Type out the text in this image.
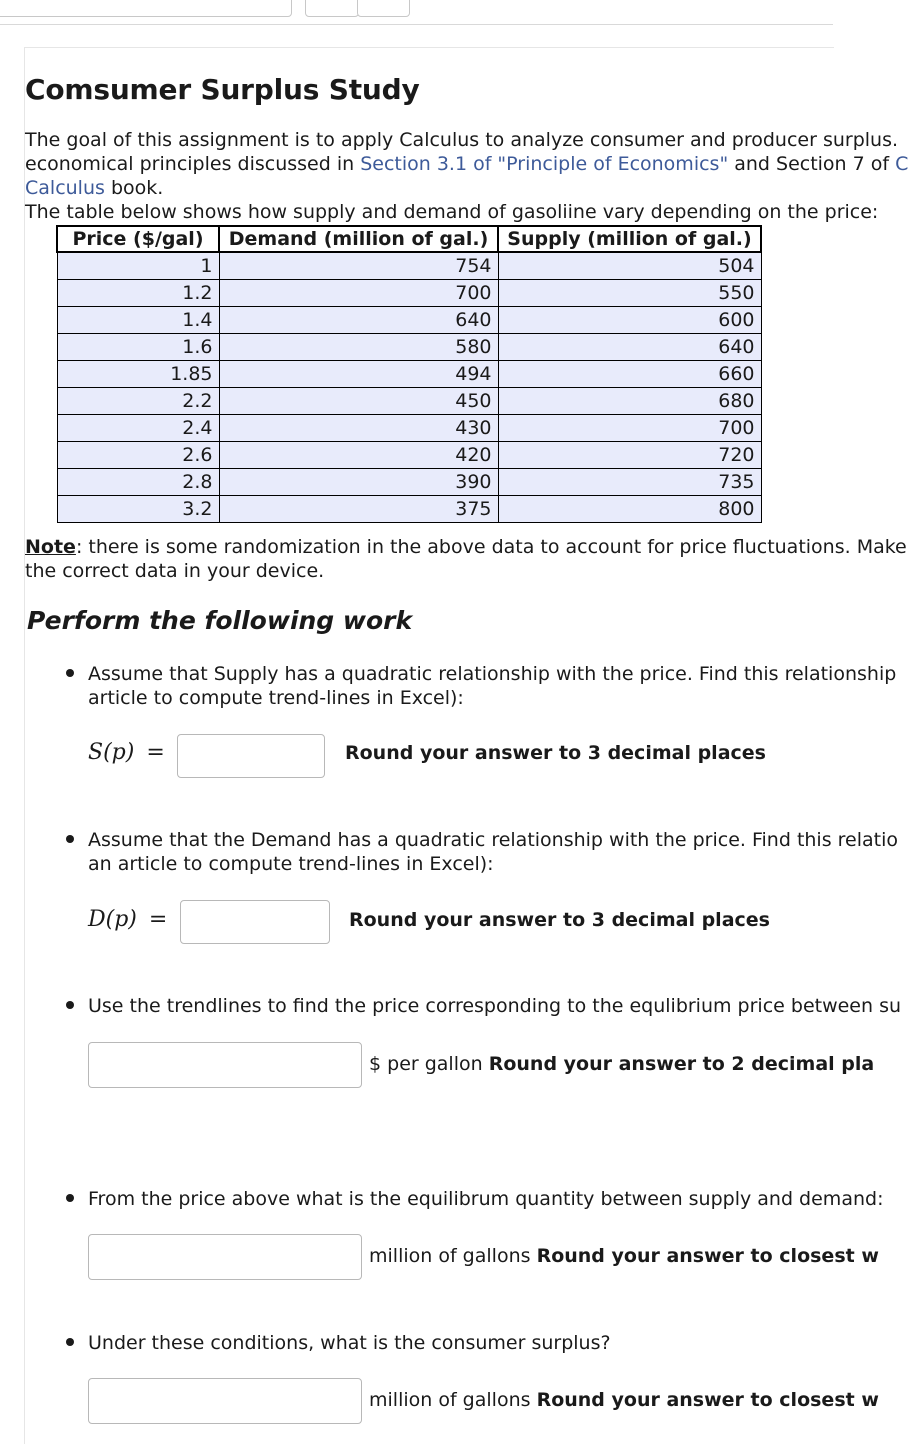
Comsumer Surplus Study
The goal of this assignment is to apply Calculus to analyze consumer and producer surplus.
economical principles discussed in Section 3.1 of "Principle of Economics" and Section 7 of C
Calculus book.
The table below shows how supply and demand of gasoliine vary depending on the price:
Price ($/gal)	Demand (million of gal.)	Supply (million of gal.)
1	754	504
1.2	700	550
1.4	640	600
1.6	580	640
1.85	494	660
2.2	450	680
2.4	430	700
2.6	420	720
2.8	390	735
3.2	375	800
Note: there is some randomization in the above data to account for price fluctuations. Make
the correct data in your device.
Perform the following work
Assume that Supply has a quadratic relationship with the price. Find this relationship
article to compute trend-lines in Excel):
S(p) =	Round your answer to 3 decimal places
Assume that the Demand has a quadratic relationship with the price. Find this relatio
an article to compute trend-lines in Excel):
D(p) =	Round your answer to 3 decimal places
Use the trendlines to find the price corresponding to the equlibrium price between su
$ per gallon Round your answer to 2 decimal pla
From the price above what is the equilibrum quantity between supply and demand:
million of gallons Round your answer to closest w
Under these conditions, what is the consumer surplus?
million of gallons Round your answer to closest w
